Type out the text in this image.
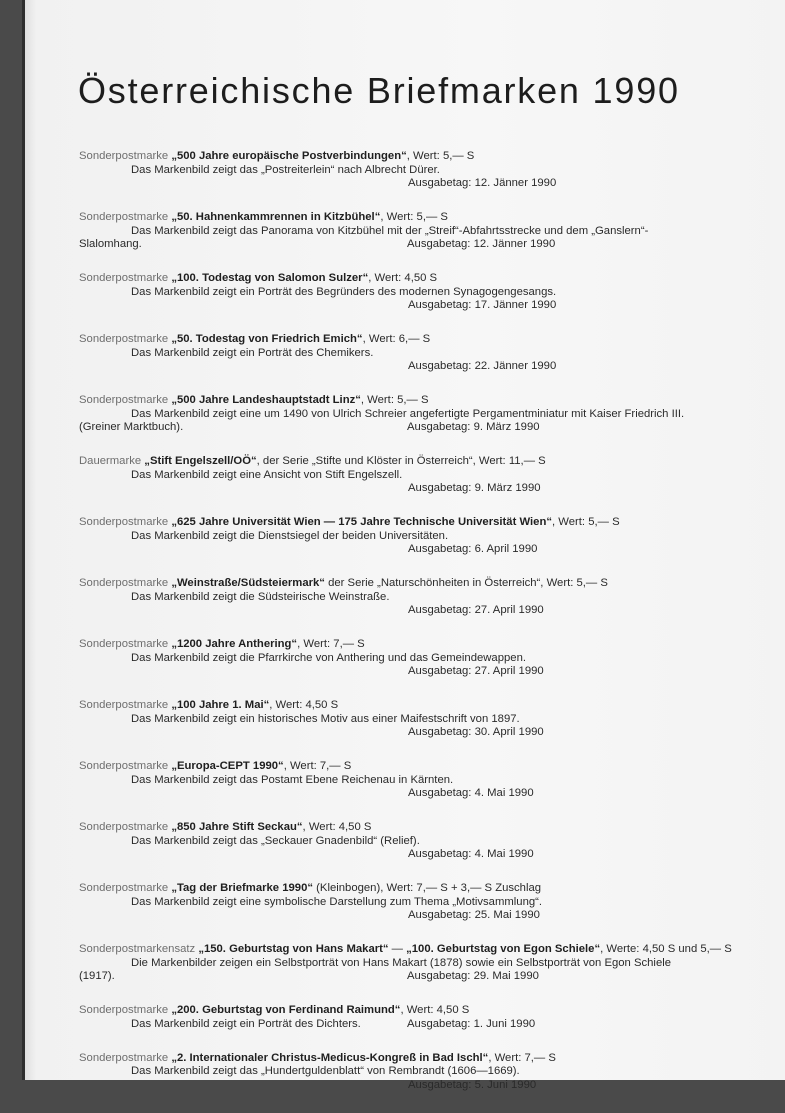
Österreichische Briefmarken 1990
Sonderpostmarke „500 Jahre europäische Postverbindungen“, Wert: 5,— S
Das Markenbild zeigt das „Postreiterlein“ nach Albrecht Dürer.
Ausgabetag: 12. Jänner 1990
Sonderpostmarke „50. Hahnenkammrennen in Kitzbühel“, Wert: 5,— S
Das Markenbild zeigt das Panorama von Kitzbühel mit der „Streif“-Abfahrtsstrecke und dem „Ganslern“-
Ausgabetag: 12. Jänner 1990
Slalomhang.
Sonderpostmarke „100. Todestag von Salomon Sulzer“, Wert: 4,50 S
Das Markenbild zeigt ein Porträt des Begründers des modernen Synagogengesangs.
Ausgabetag: 17. Jänner 1990
Sonderpostmarke „50. Todestag von Friedrich Emich“, Wert: 6,— S
Das Markenbild zeigt ein Porträt des Chemikers.
Ausgabetag: 22. Jänner 1990
Sonderpostmarke „500 Jahre Landeshauptstadt Linz“, Wert: 5,— S
Das Markenbild zeigt eine um 1490 von Ulrich Schreier angefertigte Pergamentminiatur mit Kaiser Friedrich III.
Ausgabetag: 9. März 1990
(Greiner Marktbuch).
Dauermarke „Stift Engelszell/OÖ“, der Serie „Stifte und Klöster in Österreich“, Wert: 11,— S
Das Markenbild zeigt eine Ansicht von Stift Engelszell.
Ausgabetag: 9. März 1990
Sonderpostmarke „625 Jahre Universität Wien — 175 Jahre Technische Universität Wien“, Wert: 5,— S
Das Markenbild zeigt die Dienstsiegel der beiden Universitäten.
Ausgabetag: 6. April 1990
Sonderpostmarke „Weinstraße/Südsteiermark“ der Serie „Naturschönheiten in Österreich“, Wert: 5,— S
Das Markenbild zeigt die Südsteirische Weinstraße.
Ausgabetag: 27. April 1990
Sonderpostmarke „1200 Jahre Anthering“, Wert: 7,— S
Das Markenbild zeigt die Pfarrkirche von Anthering und das Gemeindewappen.
Ausgabetag: 27. April 1990
Sonderpostmarke „100 Jahre 1. Mai“, Wert: 4,50 S
Das Markenbild zeigt ein historisches Motiv aus einer Maifestschrift von 1897.
Ausgabetag: 30. April 1990
Sonderpostmarke „Europa-CEPT 1990“, Wert: 7,— S
Das Markenbild zeigt das Postamt Ebene Reichenau in Kärnten.
Ausgabetag: 4. Mai 1990
Sonderpostmarke „850 Jahre Stift Seckau“, Wert: 4,50 S
Das Markenbild zeigt das „Seckauer Gnadenbild“ (Relief).
Ausgabetag: 4. Mai 1990
Sonderpostmarke „Tag der Briefmarke 1990“ (Kleinbogen), Wert: 7,— S + 3,— S Zuschlag
Das Markenbild zeigt eine symbolische Darstellung zum Thema „Motivsammlung“.
Ausgabetag: 25. Mai 1990
Sonderpostmarkensatz „150. Geburtstag von Hans Makart“ — „100. Geburtstag von Egon Schiele“, Werte: 4,50 S und 5,— S
Die Markenbilder zeigen ein Selbstporträt von Hans Makart (1878) sowie ein Selbstporträt von Egon Schiele
Ausgabetag: 29. Mai 1990
(1917).
Sonderpostmarke „200. Geburtstag von Ferdinand Raimund“, Wert: 4,50 S
Ausgabetag: 1. Juni 1990
Das Markenbild zeigt ein Porträt des Dichters.
Sonderpostmarke „2. Internationaler Christus-Medicus-Kongreß in Bad Ischl“, Wert: 7,— S
Das Markenbild zeigt das „Hundertguldenblatt“ von Rembrandt (1606—1669).
Ausgabetag: 5. Juni 1990
